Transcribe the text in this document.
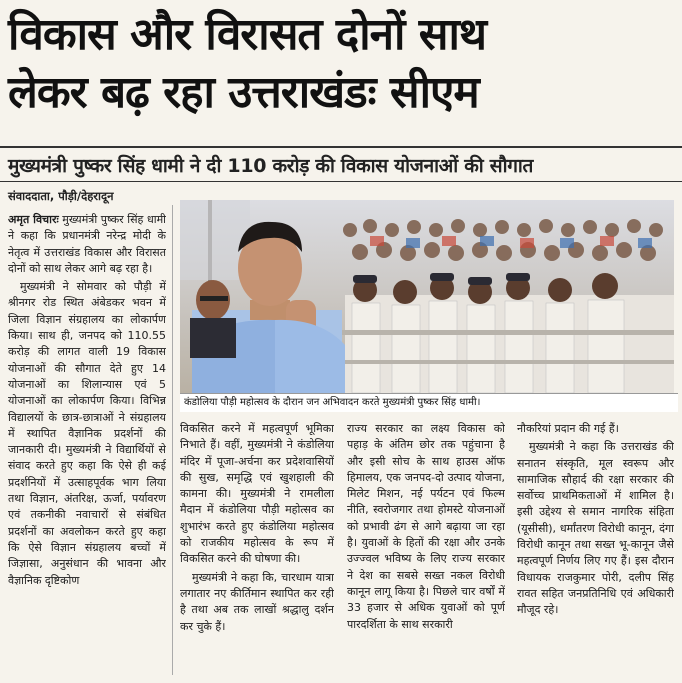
विकास और विरासत दोनों साथ
लेकर बढ़ रहा उत्तराखंडः सीएम
मुख्यमंत्री पुष्कर सिंह धामी ने दी 110 करोड़ की विकास योजनाओं की सौगात
संवाददाता, पौड़ी/देहरादून
कंडोलिया पौड़ी महोत्सव के दौरान जन अभिवादन करते मुख्यमंत्री पुष्कर सिंह धामी।

अमृत विचारः मुख्यमंत्री पुष्कर सिंह धामी ने कहा कि प्रधानमंत्री नरेन्द्र मोदी के नेतृत्व में उत्तराखंड विकास और विरासत दोनों को साथ लेकर आगे बढ़ रहा है।

मुख्यमंत्री ने सोमवार को पौड़ी में श्रीनगर रोड स्थित अंबेडकर भवन में जिला विज्ञान संग्रहालय का लोकार्पण किया। साथ ही, जनपद को 110.55 करोड़ की लागत वाली 19 विकास योजनाओं की सौगात देते हुए 14 योजनाओं का शिलान्यास एवं 5 योजनाओं का लोकार्पण किया। विभिन्न विद्यालयों के छात्र-छात्राओं ने संग्रहालय में स्थापित वैज्ञानिक प्रदर्शनों की जानकारी दी। मुख्यमंत्री ने विद्यार्थियों से संवाद करते हुए कहा कि ऐसे ही कई प्रदर्शनियों में उत्साहपूर्वक भाग लिया तथा विज्ञान, अंतरिक्ष, ऊर्जा, पर्यावरण एवं तकनीकी नवाचारों से संबंधित प्रदर्शनों का अवलोकन करते हुए कहा कि ऐसे विज्ञान संग्रहालय बच्चों में जिज्ञासा, अनुसंधान की भावना और वैज्ञानिक दृष्टिकोण

विकसित करने में महत्वपूर्ण भूमिका निभाते हैं। वहीं, मुख्यमंत्री ने कंडोलिया मंदिर में पूजा-अर्चना कर प्रदेशवासियों की सुख, समृद्धि एवं खुशहाली की कामना की। मुख्यमंत्री ने रामलीला मैदान में कंडोलिया पौड़ी महोत्सव का शुभारंभ करते हुए कंडोलिया महोत्सव को राजकीय महोत्सव के रूप में विकसित करने की घोषणा की।

मुख्यमंत्री ने कहा कि, चारधाम यात्रा लगातार नए कीर्तिमान स्थापित कर रही है तथा अब तक लाखों श्रद्धालु दर्शन कर चुके हैं।

राज्य सरकार का लक्ष्य विकास को पहाड़ के अंतिम छोर तक पहुंचाना है और इसी सोच के साथ हाउस ऑफ हिमालय, एक जनपद-दो उत्पाद योजना, मिलेट मिशन, नई पर्यटन एवं फिल्म नीति, स्वरोजगार तथा होमस्टे योजनाओं को प्रभावी ढंग से आगे बढ़ाया जा रहा है। युवाओं के हितों की रक्षा और उनके उज्ज्वल भविष्य के लिए राज्य सरकार ने देश का सबसे सख्त नकल विरोधी कानून लागू किया है। पिछले चार वर्षों में 33 हजार से अधिक युवाओं को पूर्ण पारदर्शिता के साथ सरकारी

नौकरियां प्रदान की गई हैं।

मुख्यमंत्री ने कहा कि उत्तराखंड की सनातन संस्कृति, मूल स्वरूप और सामाजिक सौहार्द की रक्षा सरकार की सर्वोच्च प्राथमिकताओं में शामिल है। इसी उद्देश्य से समान नागरिक संहिता (यूसीसी), धर्मांतरण विरोधी कानून, दंगा विरोधी कानून तथा सख्त भू-कानून जैसे महत्वपूर्ण निर्णय लिए गए हैं। इस दौरान विधायक राजकुमार पोरी, दलीप सिंह रावत सहित जनप्रतिनिधि एवं अधिकारी मौजूद रहे।
